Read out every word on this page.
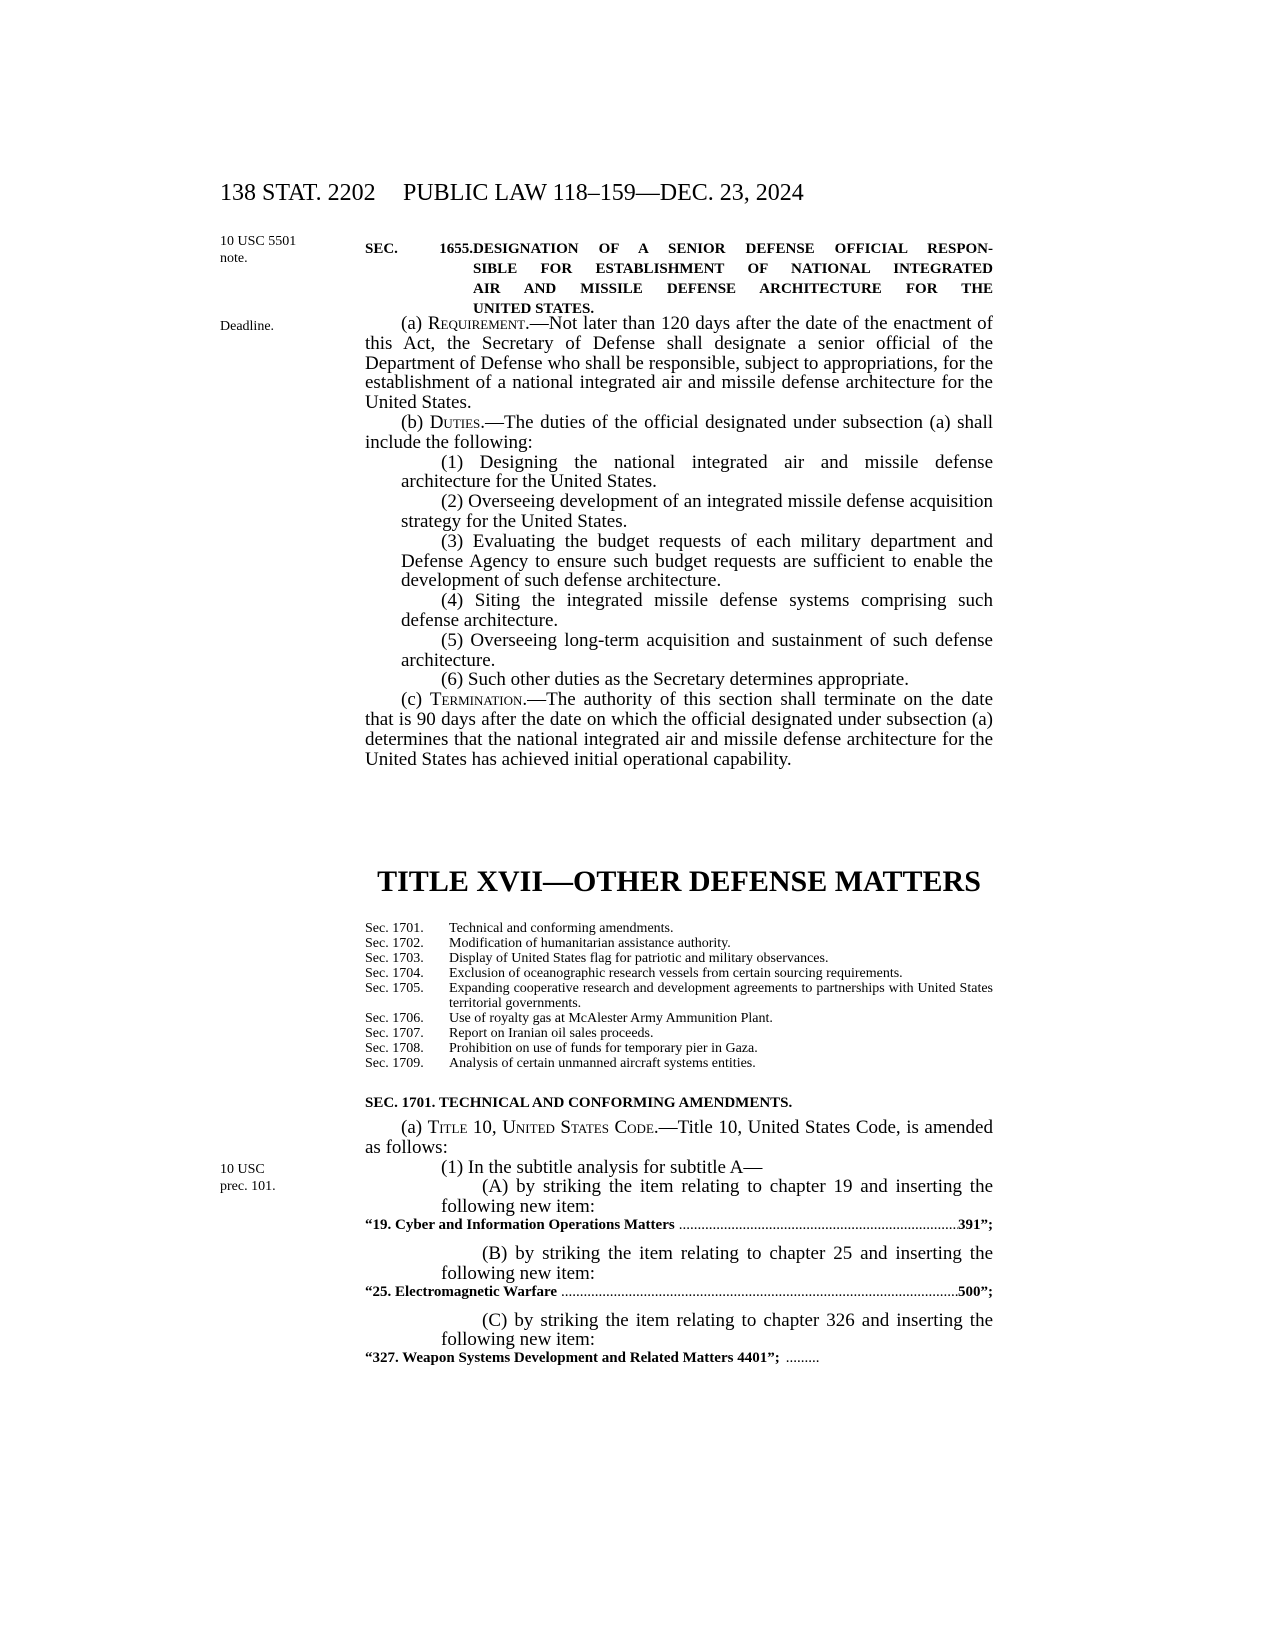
138 STAT. 2202 PUBLIC LAW 118–159—DEC. 23, 2024
10 USC 5501
note.
Deadline.
10 USC
prec. 101.
SEC. 1655.DESIGNATION OF A SENIOR DEFENSE OFFICIAL RESPON-
SIBLE FOR ESTABLISHMENT OF NATIONAL INTEGRATED
AIR AND MISSILE DEFENSE ARCHITECTURE FOR THE
UNITED STATES.

(a) Requirement.—Not later than 120 days after the date of the enactment of this Act, the Secretary of Defense shall designate a senior official of the Department of Defense who shall be responsible, subject to appropriations, for the establishment of a national integrated air and missile defense architecture for the United States.

(b) Duties.—The duties of the official designated under subsection (a) shall include the following:

(1) Designing the national integrated air and missile defense architecture for the United States.

(2) Overseeing development of an integrated missile defense acquisition strategy for the United States.

(3) Evaluating the budget requests of each military department and Defense Agency to ensure such budget requests are sufficient to enable the development of such defense architecture.

(4) Siting the integrated missile defense systems comprising such defense architecture.

(5) Overseeing long-term acquisition and sustainment of such defense architecture.

(6) Such other duties as the Secretary determines appropriate.

(c) Termination.—The authority of this section shall terminate on the date that is 90 days after the date on which the official designated under subsection (a) determines that the national integrated air and missile defense architecture for the United States has achieved initial operational capability.

TITLE XVII—OTHER DEFENSE MATTERS
Sec. 1701.	Technical and conforming amendments.
Sec. 1702.	Modification of humanitarian assistance authority.
Sec. 1703.	Display of United States flag for patriotic and military observances.
Sec. 1704.	Exclusion of oceanographic research vessels from certain sourcing requirements.
Sec. 1705.	Expanding cooperative research and development agreements to partnerships with United States territorial governments.
Sec. 1706.	Use of royalty gas at McAlester Army Ammunition Plant.
Sec. 1707.	Report on Iranian oil sales proceeds.
Sec. 1708.	Prohibition on use of funds for temporary pier in Gaza.
Sec. 1709.	Analysis of certain unmanned aircraft systems entities.
SEC. 1701. TECHNICAL AND CONFORMING AMENDMENTS.

(a) Title 10, United States Code.—Title 10, United States Code, is amended as follows:

(1) In the subtitle analysis for subtitle A—

(A) by striking the item relating to chapter 19 and inserting the following new item:

“19. Cyber and Information Operations Matters .....	391”;

(B) by striking the item relating to chapter 25 and inserting the following new item:

“25. Electromagnetic Warfare .....	500”;

(C) by striking the item relating to chapter 326 and inserting the following new item:

“327. Weapon Systems Development and Related Matters 4401”; .........
